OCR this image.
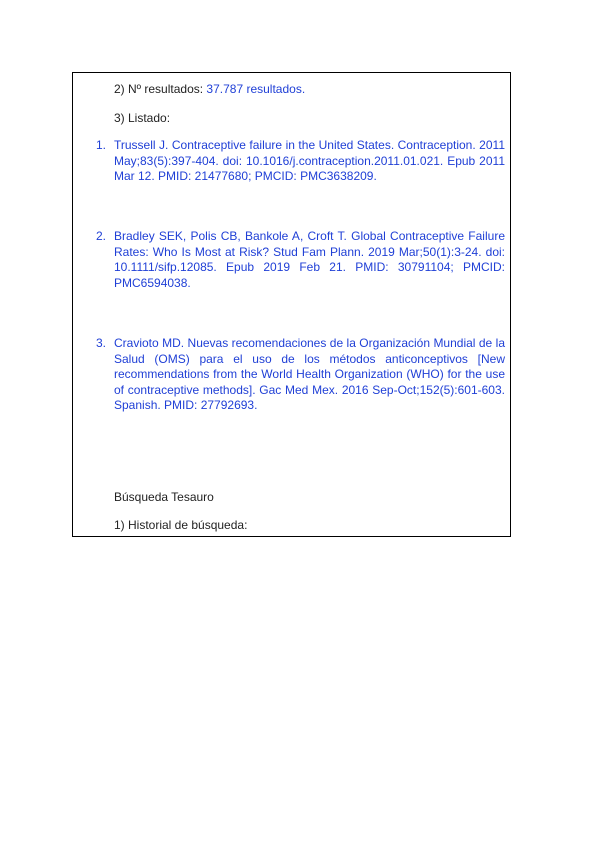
2) Nº resultados: 37.787 resultados.
3) Listado:
1. Trussell J. Contraceptive failure in the United States. Contraception. 2011 May;83(5):397-404. doi: 10.1016/j.contraception.2011.01.021. Epub 2011 Mar 12. PMID: 21477680; PMCID: PMC3638209.
2. Bradley SEK, Polis CB, Bankole A, Croft T. Global Contraceptive Failure Rates: Who Is Most at Risk? Stud Fam Plann. 2019 Mar;50(1):3-24. doi: 10.1111/sifp.12085. Epub 2019 Feb 21. PMID: 30791104; PMCID: PMC6594038.
3. Cravioto MD. Nuevas recomendaciones de la Organización Mundial de la Salud (OMS) para el uso de los métodos anticonceptivos [New recommendations from the World Health Organization (WHO) for the use of contraceptive methods]. Gac Med Mex. 2016 Sep-Oct;152(5):601-603. Spanish. PMID: 27792693.
Búsqueda Tesauro
1) Historial de búsqueda:
